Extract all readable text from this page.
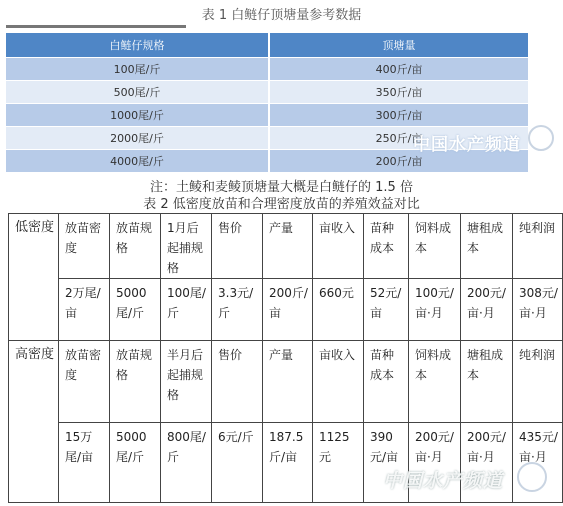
表 1 白鲢仔顶塘量参考数据
白鲢仔规格	顶塘量
100尾/斤	400斤/亩
500尾/斤	350斤/亩
1000尾/斤	300斤/亩
2000尾/斤	250斤/亩
4000尾/斤	200斤/亩
中国水产频道
注：土鲮和麦鲮顶塘量大概是白鲢仔的 1.5 倍
表 2 低密度放苗和合理密度放苗的养殖效益对比
低密度	放苗密度	放苗规格	1月后起捕规格	售价	产量	亩收入	苗种成本	饲料成本	塘租成本	纯利润
	2万尾/亩	5000尾/斤	100尾/斤	3.3元/斤	200斤/亩	660元	52元/亩	100元/亩·月	200元/亩·月	308元/亩·月
高密度	放苗密度	放苗规格	半月后起捕规格	售价	产量	亩收入	苗种成本	饲料成本	塘租成本	纯利润
	15万尾/亩	5000尾/斤	800尾/斤	6元/斤	187.5斤/亩	1125元	390元/亩	200元/亩·月	200元/亩·月	435元/亩·月
中国水产频道
